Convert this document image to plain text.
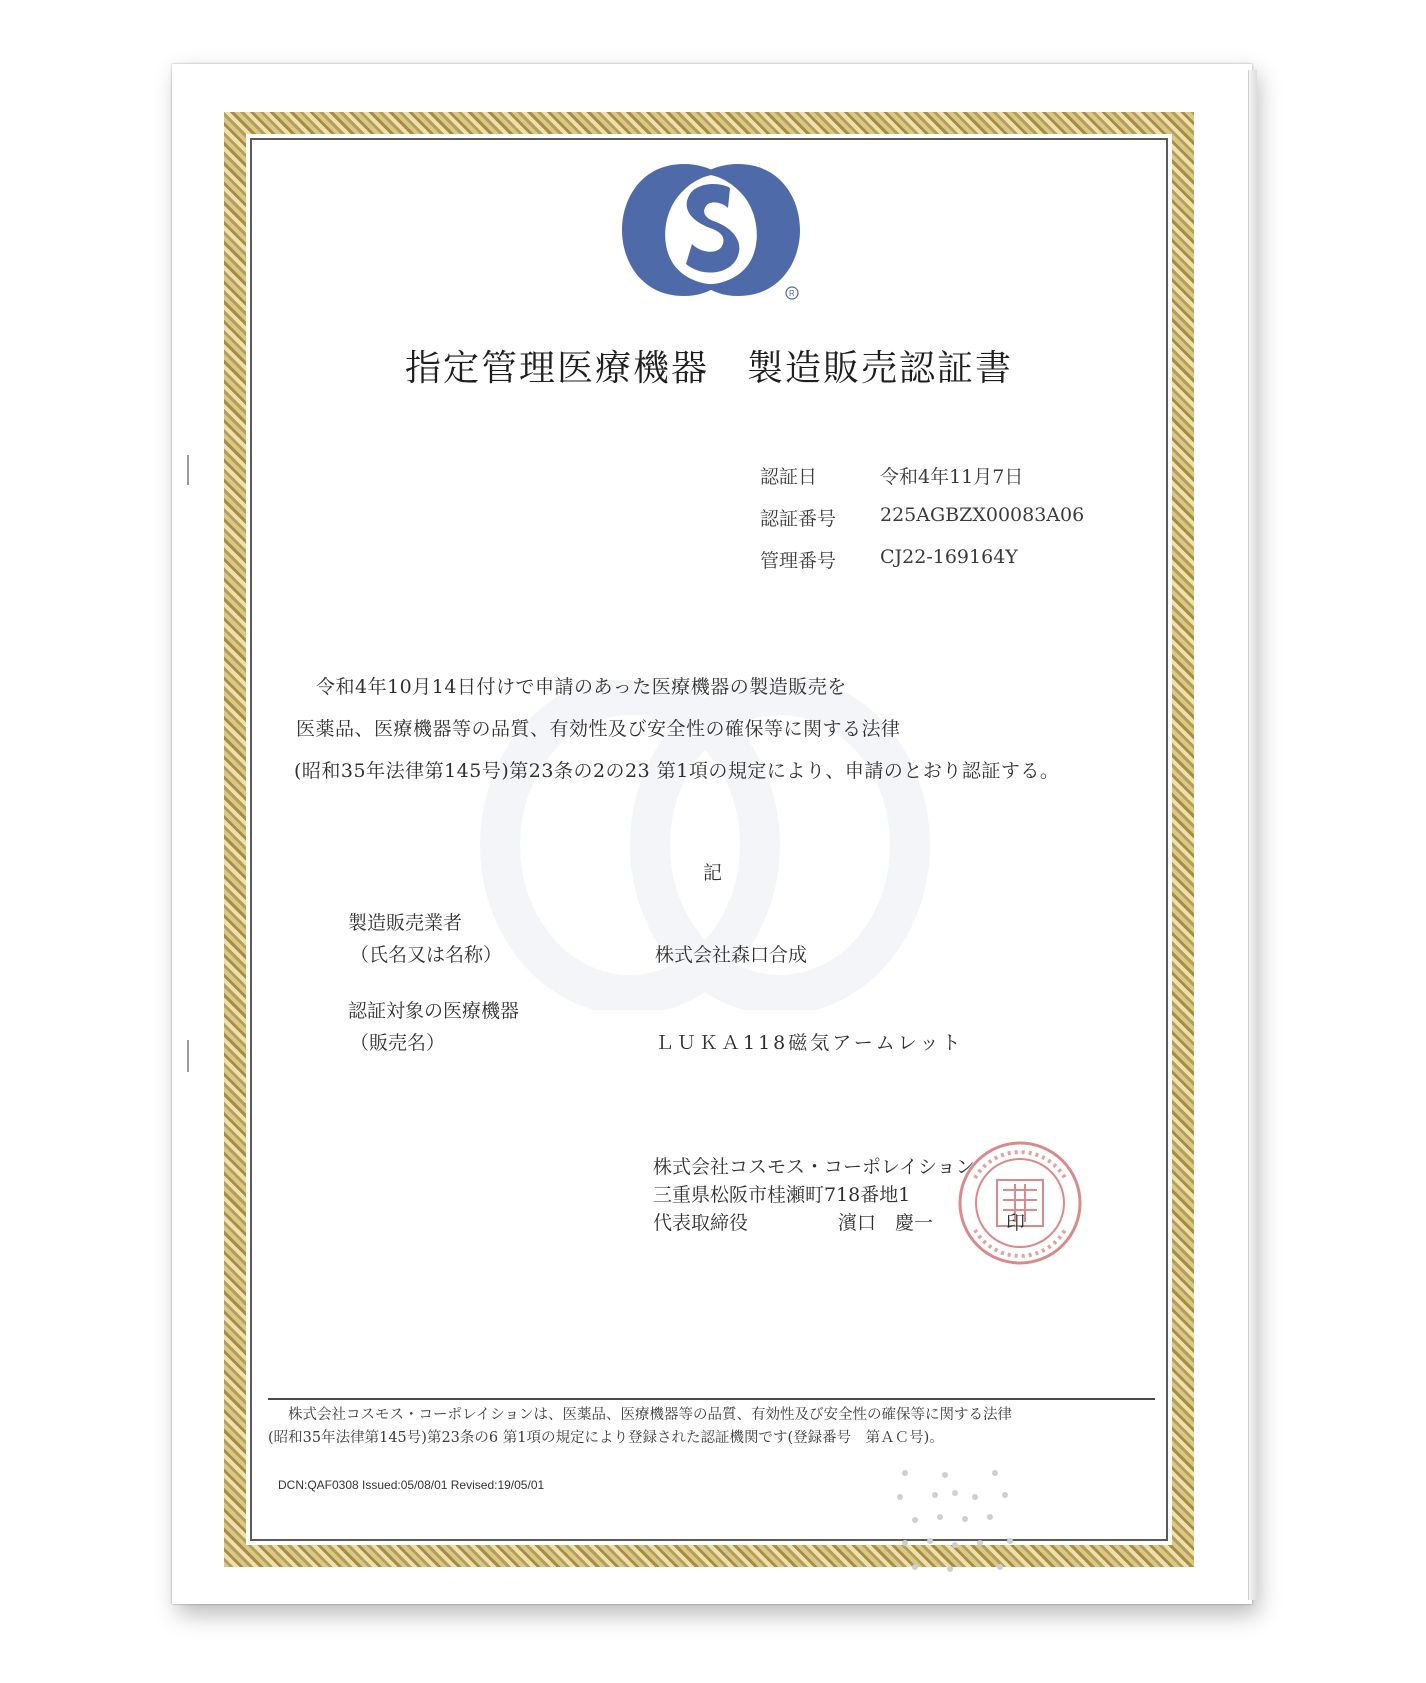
R
指定管理医療機器　製造販売認証書
認証日	令和4年11月7日
認証番号 225AGBZX00083A06
管理番号 CJ22-169164Y
令和4年10月14日付けで申請のあった医療機器の製造販売を
医薬品、医療機器等の品質、有効性及び安全性の確保等に関する法律
(昭和35年法律第145号)第23条の2の23 第1項の規定により、申請のとおり認証する。
記
製造販売業者
（氏名又は名称）	株式会社森口合成
認証対象の医療機器
（販売名）	ＬＵＫＡ118磁気アームレット
株式会社コスモス・コーポレイション
三重県松阪市桂瀬町718番地1
代表取締役	濱口　慶一	印
株式会社コスモス・コーポレイションは、医薬品、医療機器等の品質、有効性及び安全性の確保等に関する法律
(昭和35年法律第145号)第23条の6 第1項の規定により登録された認証機関です(登録番号　第ＡＣ号)。
DCN:QAF0308 Issued:05/08/01 Revised:19/05/01
